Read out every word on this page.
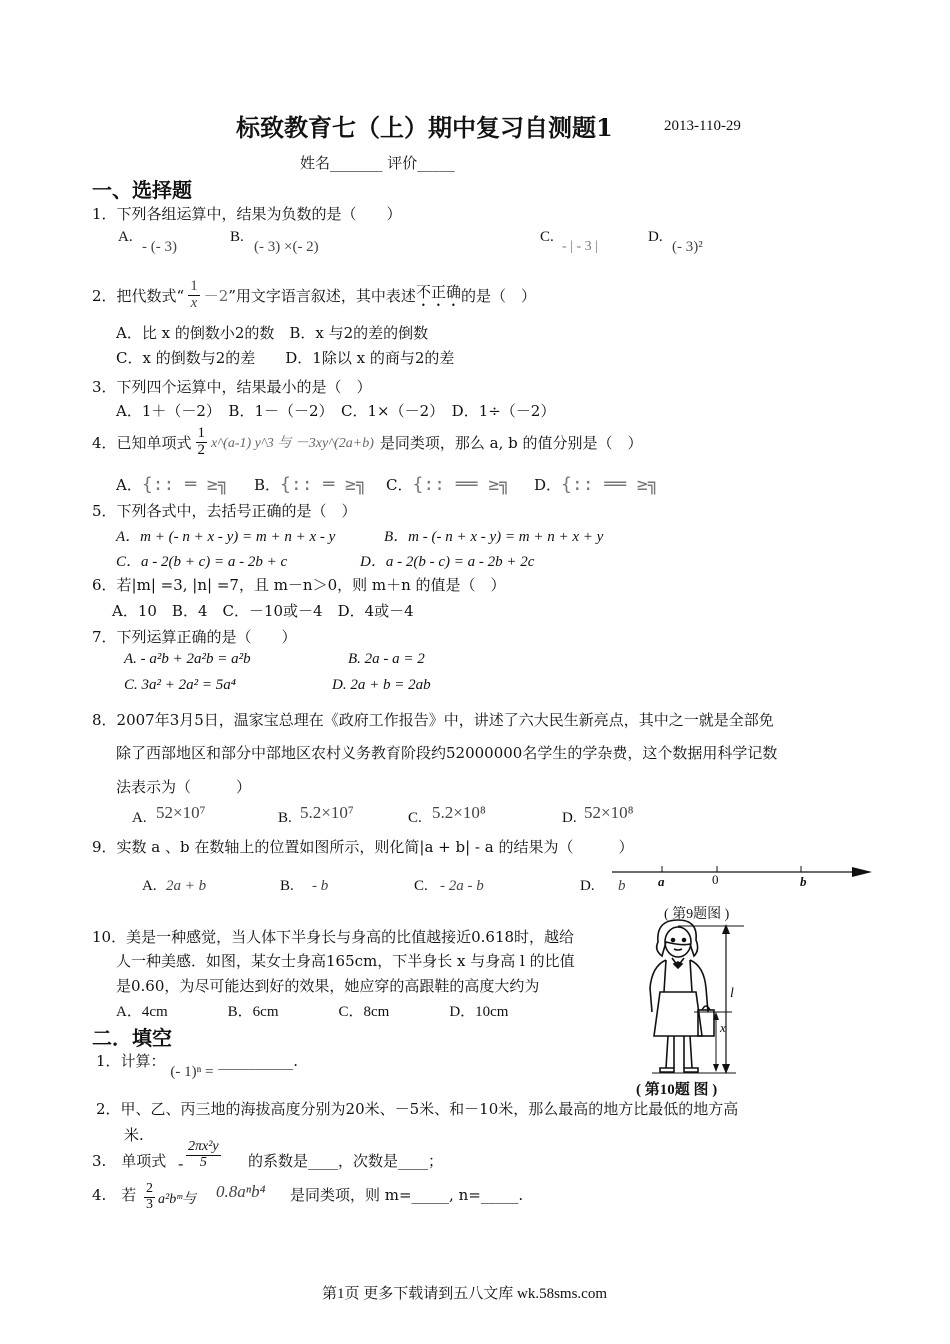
标致教育七（上）期中复习自测题1	2013-110-29
姓名_______ 评价_____
一、选择题
1．下列各组运算中，结果为负数的是（　　）
A.
- (- 3)
B.
(- 3) ×(- 2)
C.
- | - 3 |
D.
(- 3)²
2．把代数式“ $\frac{1}{x} -2$ ”用文字语言叙述，其中表述 不正确 的是（　）
A．比 x 的倒数小2的数　B．x 与2的差的倒数
C．x 的倒数与2的差　　D．1除以 x 的商与2的差
3．下列四个运算中，结果最小的是（　）
A．1＋（－2）　B．1－（－2）　C．1×（－2）　D．1÷（－2）
4．已知单项式 $\frac{1}{2}$ x^(a-1) y^3 与 －3xy^(2a+b) 是同类项，那么 a, b 的值分别是（　）
A．{:: ═ ≥╗ B．{:: ═ ≥╗ C．{:: ══ ≥╗ D．{:: ══ ≥╗
5．下列各式中，去括号正确的是（　）
A．m + (- n + x - y) = m + n + x - y	B．m - (- n + x - y) = m + n + x + y
C．a - 2(b + c) = a - 2b + c	D．a - 2(b - c) = a - 2b + 2c
6．若|m| =3, |n| =7，且 m－n＞0，则 m＋n 的值是（　）
A．10　B．4　C．－10或－4　D．4或－4
7．下列运算正确的是（　　）
A. - a²b + 2a²b = a²b	B. 2a - a = 2
C. 3a² + 2a² = 5a⁴	D. 2a + b = 2ab
8．2007年3月5日，温家宝总理在《政府工作报告》中，讲述了六大民生新亮点，其中之一就是全部免
除了西部地区和部分中部地区农村义务教育阶段约52000000名学生的学杂费，这个数据用科学记数
法表示为（　　　）
A. 52×10⁷	B. 5.2×10⁷	C. 5.2×10⁸	D. 52×10⁸
9．实数 a 、b 在数轴上的位置如图所示，则化简|a + b| - a 的结果为（　　　）
A. 2a + b	B. - b	C. - 2a - b	D. b	a	0	b
( 第9题图 )
10．美是一种感觉，当人体下半身长与身高的比值越接近0.618时，越给
人一种美感．如图，某女士身高165cm，下半身长 x 与身高 l 的比值
是0.60，为尽可能达到好的效果，她应穿的高跟鞋的高度大约为
A．4cm　　　　B．6cm　　　　C．8cm　　　　D．10cm
l
x
( 第10题 图 )
二．填空
1．计算： (- 1)ⁿ = __________.
2．甲、乙、丙三地的海拔高度分别为20米、－5米、和－10米，那么最高的地方比最低的地方高
米.
3.　单项式 - $\frac{\text{2πx²y}}{5}$ 的系数是____，次数是____；
4.　若 $\frac{2}{3}$ a²bᵐ与 0.8aⁿb⁴ 是同类项，则 m=_____, n=_____.
第1页 更多下载请到五八文库 wk.58sms.com
